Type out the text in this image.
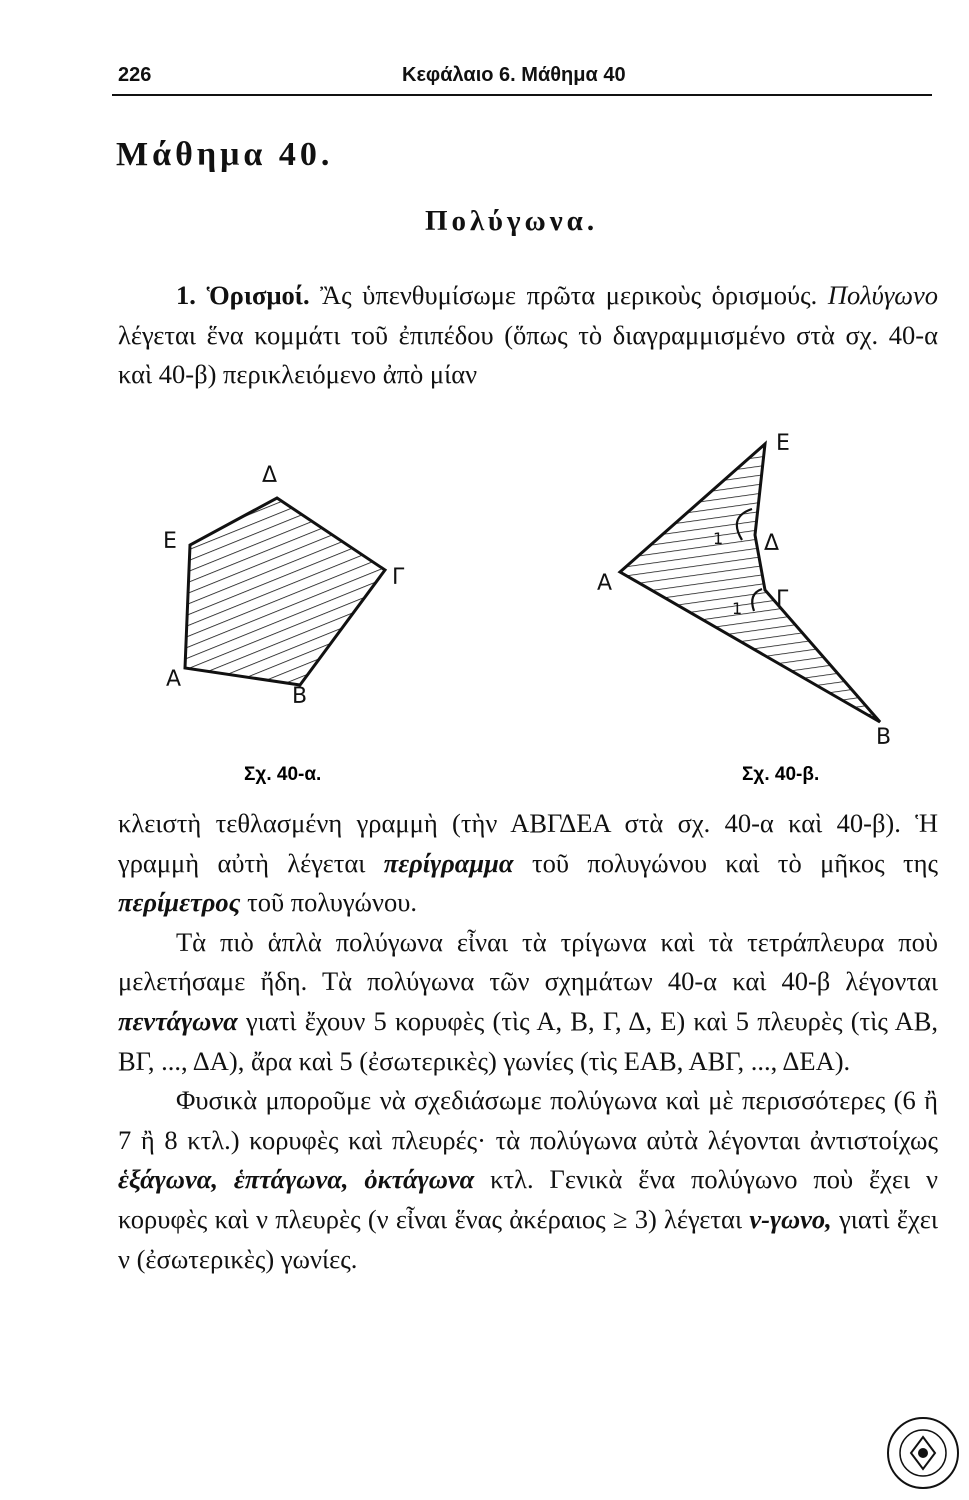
226	Κεφάλαιο 6. Μάθημα 40
Μάθημα 40.
Πολύγωνα.
1. Ὁρισμοί. Ἂς ὑπενθυμίσωμε πρῶτα μερικοὺς ὁρισμούς. Πολύγωνο λέγεται ἕνα κομμάτι τοῦ ἐπιπέδου (ὅπως τὸ διαγραμμισμένο στὰ σχ. 40-α καὶ 40-β) περικλειόμενο ἀπὸ μίαν
Δ
Ε
Γ
Α
Β
Σχ. 40-α.
1
1
Ε
Δ
Γ
Α
Β
Σχ. 40-β.
κλειστὴ τεθλασμένη γραμμὴ (τὴν ΑΒΓΔΕΑ στὰ σχ. 40-α καὶ 40-β). Ἡ γραμμὴ αὐτὴ λέγεται περίγραμμα τοῦ πολυγώνου καὶ τὸ μῆκος της περίμετρος τοῦ πολυγώνου.
Τὰ πιὸ ἁπλὰ πολύγωνα εἶναι τὰ τρίγωνα καὶ τὰ τετράπλευρα ποὺ μελετήσαμε ἤδη. Τὰ πολύγωνα τῶν σχημάτων 40-α καὶ 40-β λέγονται πεντάγωνα γιατὶ ἔχουν 5 κορυφὲς (τὶς Α, Β, Γ, Δ, Ε) καὶ 5 πλευρὲς (τὶς ΑΒ, ΒΓ, ..., ΔΑ), ἄρα καὶ 5 (ἐσωτερικὲς) γωνίες (τὶς ΕΑΒ, ΑΒΓ, ..., ΔΕΑ).
Φυσικὰ μποροῦμε νὰ σχεδιάσωμε πολύγωνα καὶ μὲ περισσότερες (6 ἢ 7 ἢ 8 κτλ.) κορυφὲς καὶ πλευρές· τὰ πολύγωνα αὐτὰ λέγονται ἀντιστοίχως ἑξάγωνα, ἑπτάγωνα, ὀκτάγωνα κτλ. Γενικὰ ἕνα πολύγωνο ποὺ ἔχει ν κορυφὲς καὶ ν πλευρὲς (ν εἶναι ἕνας ἀκέραιος ≥ 3) λέγεται ν-γωνο, γιατὶ ἔχει ν (ἐσωτερικὲς) γωνίες.
